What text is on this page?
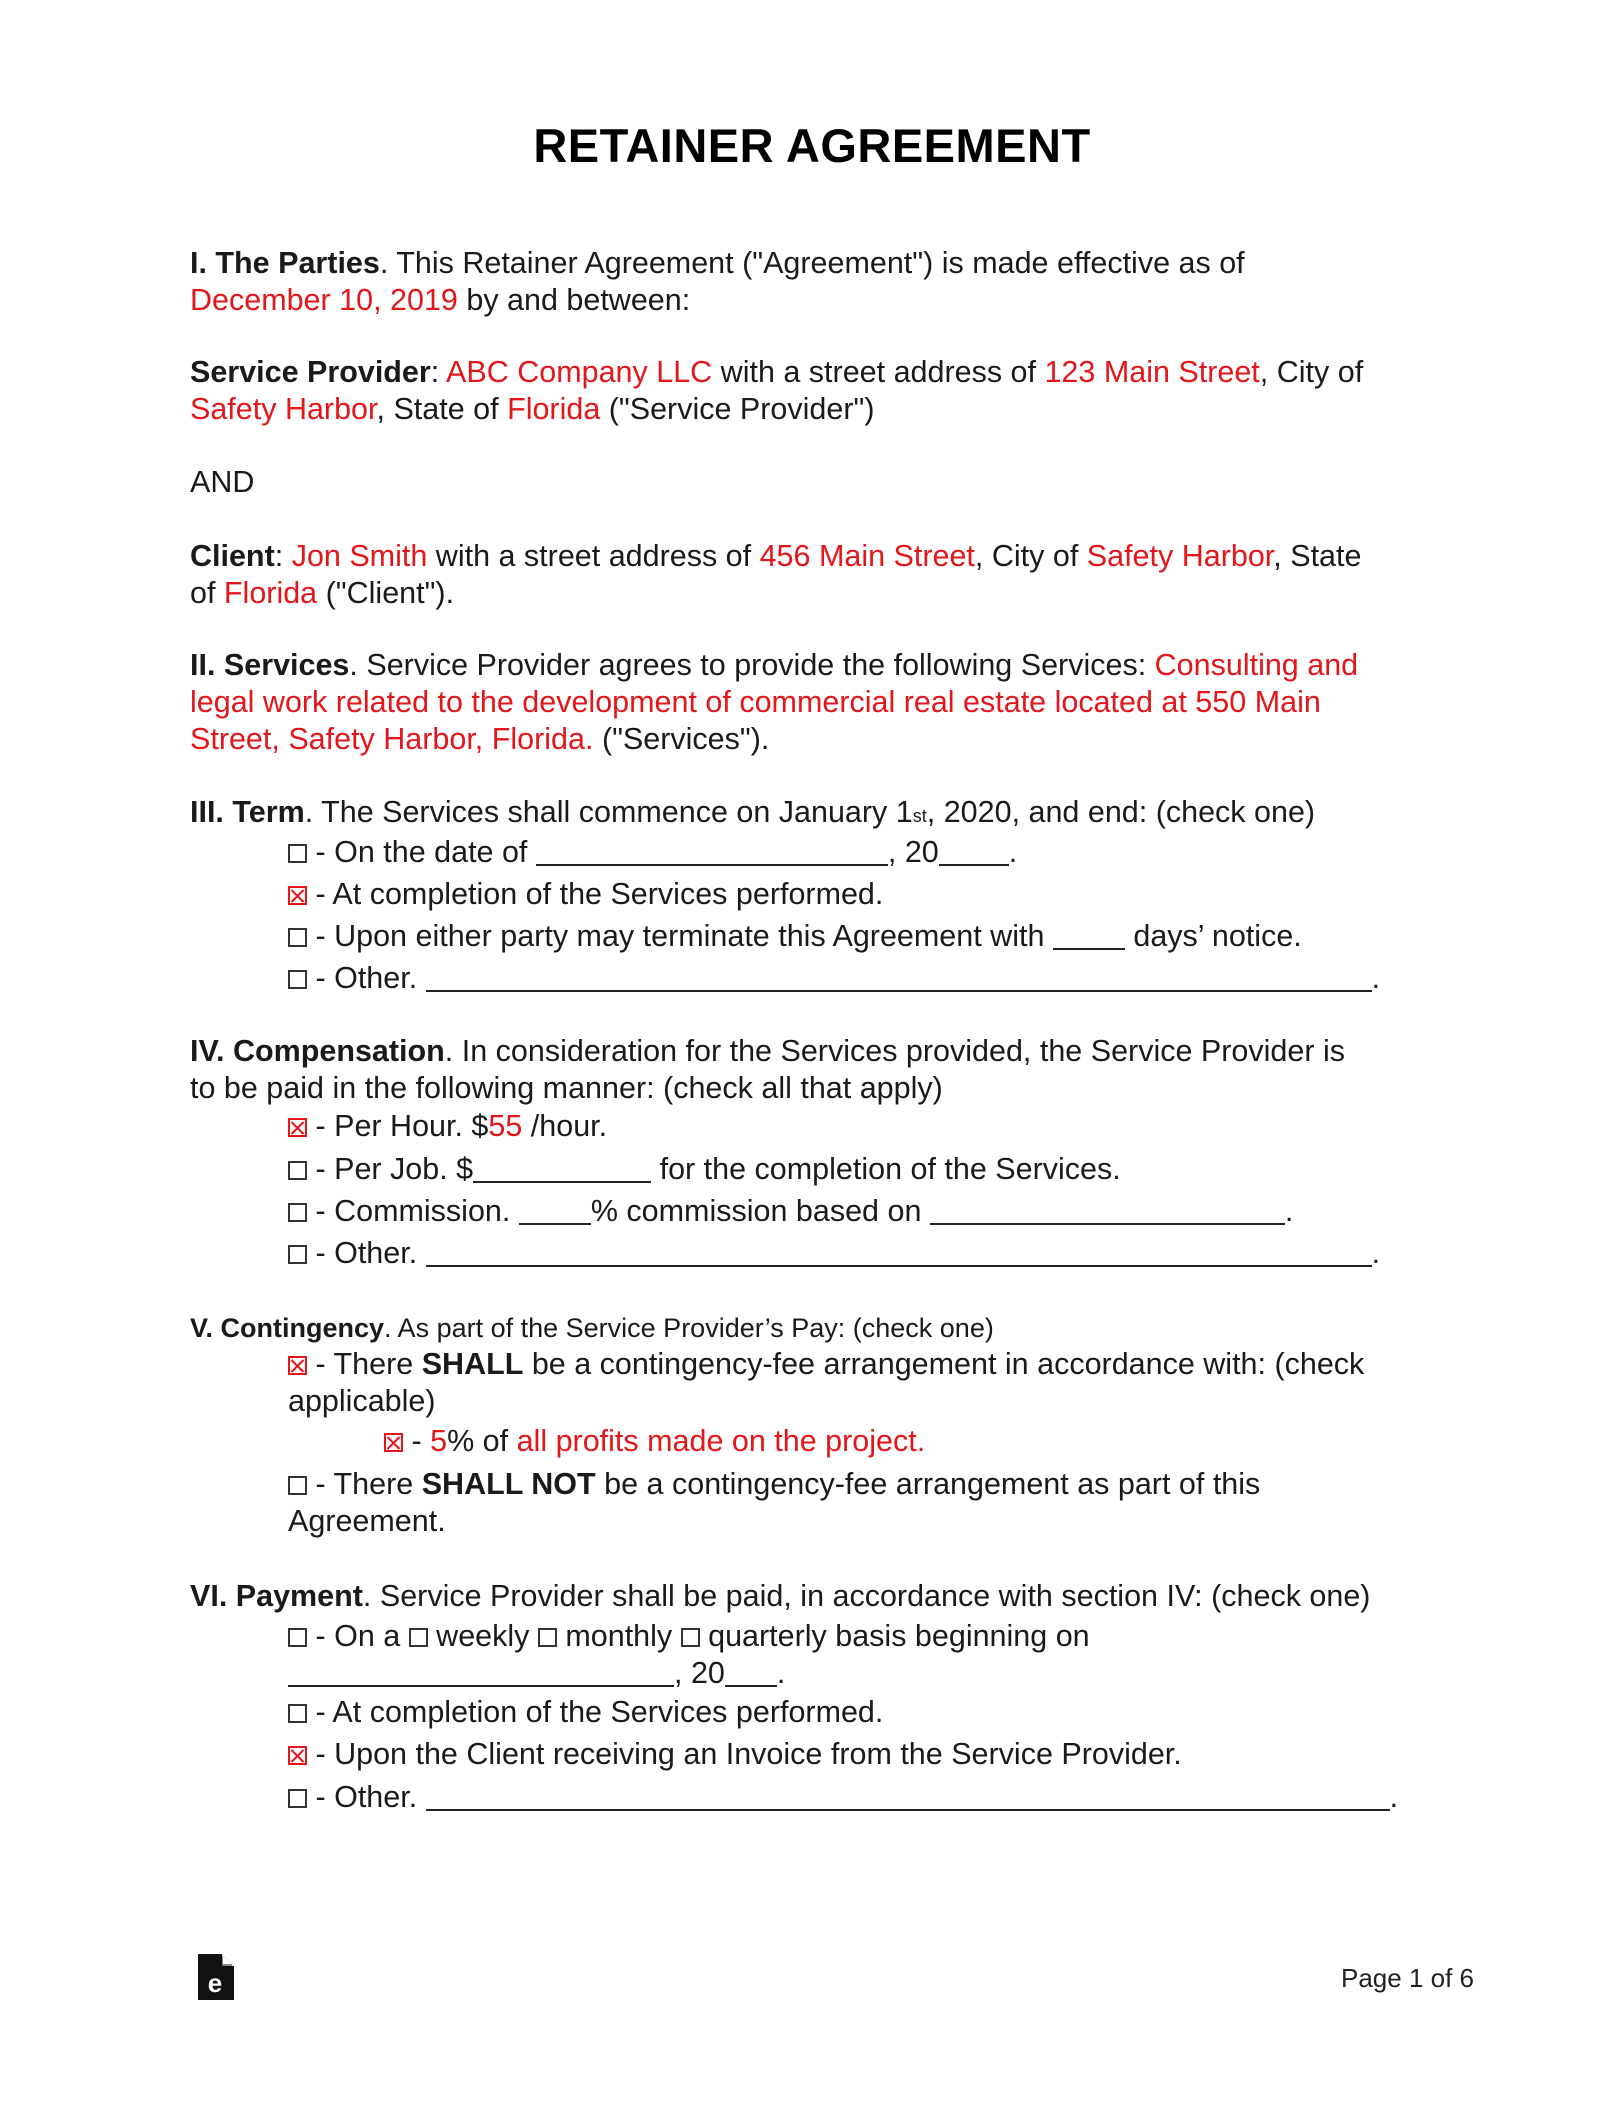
RETAINER AGREEMENT
I. The Parties. This Retainer Agreement ("Agreement") is made effective as of
December 10, 2019 by and between:
Service Provider: ABC Company LLC with a street address of 123 Main Street, City of
Safety Harbor, State of Florida ("Service Provider")
AND
Client: Jon Smith with a street address of 456 Main Street, City of Safety Harbor, State
of Florida ("Client").
II. Services. Service Provider agrees to provide the following Services: Consulting and
legal work related to the development of commercial real estate located at 550 Main
Street, Safety Harbor, Florida. ("Services").
III. Term. The Services shall commence on January 1st, 2020, and end: (check one)
- On the date of	, 20 .
- At completion of the Services performed.
- Upon either party may terminate this Agreement with  days’ notice.
- Other.	.
IV. Compensation. In consideration for the Services provided, the Service Provider is
to be paid in the following manner: (check all that apply)
- Per Hour. $55 /hour.
- Per Job. $	for the completion of the Services.
- Commission. % commission based on	.
- Other.	.
V. Contingency. As part of the Service Provider’s Pay: (check one)
- There SHALL be a contingency-fee arrangement in accordance with: (check
applicable)
- 5% of all profits made on the project.
- There SHALL NOT be a contingency-fee arrangement as part of this
Agreement.
VI. Payment. Service Provider shall be paid, in accordance with section IV: (check one)
- On a  weekly  monthly  quarterly basis beginning on
, 20 .
- At completion of the Services performed.
- Upon the Client receiving an Invoice from the Service Provider.
- Other.	.
e	Page 1 of 6
